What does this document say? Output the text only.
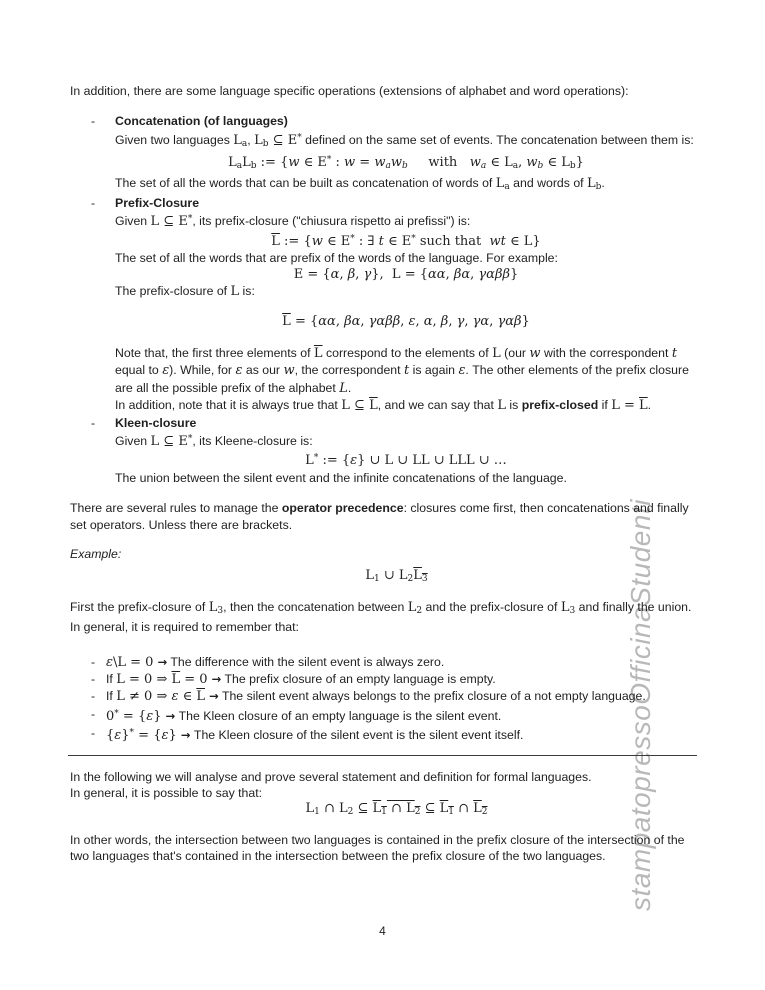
stampatopressoOfficinaStudenti

In addition, there are some language specific operations (extensions of alphabet and word operations):

-	Concatenation (of languages)
Given two languages $L_a$, $L_b$ ⊆ E* defined on the same set of events. The concatenation between them is:
$L_aL_b$ := {w ∈ E* : w = wawb     with   wa ∈ $L_a$, wb ∈ $L_b$}
The set of all the words that can be built as concatenation of words of $L_a$ and words of $L_b$.
-	Prefix-Closure
Given L ⊆ E*, its prefix-closure ("chiusura rispetto ai prefissi") is:
$\overline{L}$ := {w ∈ E* : ∃ t ∈ E* such that  wt ∈ L}
The set of all the words that are prefix of the words of the language. For example:
E = {α, β, γ},  L = {αα, βα, γαββ}
The prefix-closure of L is:
$\overline{L} = \{\alpha\alpha$, βα, γαββ, ε, α, β, γ, γα, γαβ}
Note that, the first three elements of $\overline{L}$ correspond to the elements of L (our w with the correspondent t equal to ε). While, for ε as our w, the correspondent t is again ε. The other elements of the prefix closure are all the possible prefix of the alphabet L.
In addition, note that it is always true that L ⊆ $\overline{L}$, and we can say that L is prefix-closed if $L = \overline{L}$.
-	Kleen-closure
Given L ⊆ E*, its Kleene-closure is:
L* := {ε} ∪ L ∪ LL ∪ LLL ∪ …
The union between the silent event and the infinite concatenations of the language.

There are several rules to manage the operator precedence: closures come first, then concatenations and finally set operators. Unless there are brackets.

Example:

$L_1$ ∪ $L_2L_3$

First the prefix-closure of $L_3$, then the concatenation between $L_2$ and the prefix-closure of $L_3$ and finally the union.

In general, it is required to remember that:

- ε\L = 0 → The difference with the silent event is always zero.
- If L = 0 ⇒ $\overline{L} = 0$ → The prefix closure of an empty language is empty.
- If L ≠ 0 ⇒ ε ∈ $\overline{L}$ → The silent event always belongs to the prefix closure of a not empty language.
- 0* = {ε} → The Kleen closure of an empty language is the silent event.
- {ε}* = {ε} → The Kleen closure of the silent event is the silent event itself.

In the following we will analyse and prove several statement and definition for formal languages.

In general, it is possible to say that:

$L_1$ ∩ $L_2$ ⊆ $L_1$ ∩ $L_2$ ⊆ $L_1$ ∩ $L_2$

In other words, the intersection between two languages is contained in the prefix closure of the intersection of the two languages that's contained in the intersection between the prefix closure of the two languages.

4
